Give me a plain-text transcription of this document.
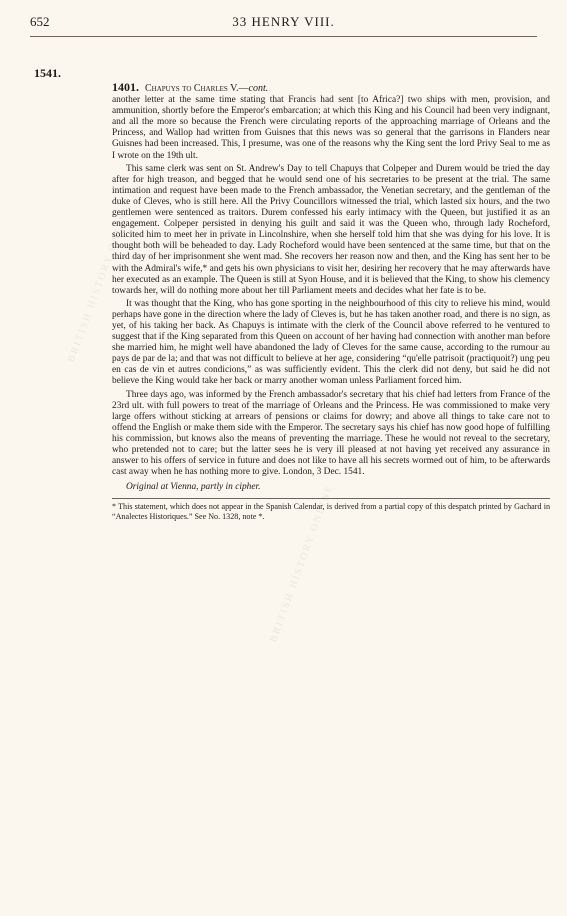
BRITISH HISTORY ONLINE
BRITISH HISTORY ONLINE
652	33 HENRY VIII.
1541.
1401. Chapuys to Charles V.—cont.

another letter at the same time stating that Francis had sent [to Africa?] two ships with men, provision, and ammunition, shortly before the Emperor's embarcation; at which this King and his Council had been very indignant, and all the more so because the French were circulating reports of the approaching marriage of Orleans and the Princess, and Wallop had written from Guisnes that this news was so general that the garrisons in Flanders near Guisnes had been increased. This, I presume, was one of the reasons why the King sent the lord Privy Seal to me as I wrote on the 19th ult.

This same clerk was sent on St. Andrew's Day to tell Chapuys that Colpeper and Durem would be tried the day after for high treason, and begged that he would send one of his secretaries to be present at the trial. The same intimation and request have been made to the French ambassador, the Venetian secretary, and the gentleman of the duke of Cleves, who is still here. All the Privy Councillors witnessed the trial, which lasted six hours, and the two gentlemen were sentenced as traitors. Durem confessed his early intimacy with the Queen, but justified it as an engagement. Colpeper persisted in denying his guilt and said it was the Queen who, through lady Rocheford, solicited him to meet her in private in Lincolnshire, when she herself told him that she was dying for his love. It is thought both will be beheaded to day. Lady Rocheford would have been sentenced at the same time, but that on the third day of her imprisonment she went mad. She recovers her reason now and then, and the King has sent her to be with the Admiral's wife,* and gets his own physicians to visit her, desiring her recovery that he may afterwards have her executed as an example. The Queen is still at Syon House, and it is believed that the King, to show his clemency towards her, will do nothing more about her till Parliament meets and decides what her fate is to be.

It was thought that the King, who has gone sporting in the neighbourhood of this city to relieve his mind, would perhaps have gone in the direction where the lady of Cleves is, but he has taken another road, and there is no sign, as yet, of his taking her back. As Chapuys is intimate with the clerk of the Council above referred to he ventured to suggest that if the King separated from this Queen on account of her having had connection with another man before she married him, he might well have abandoned the lady of Cleves for the same cause, according to the rumour au pays de par de la; and that was not difficult to believe at her age, considering “qu'elle patrisoit (practiquoit?) ung peu en cas de vin et autres condicions,” as was sufficiently evident. This the clerk did not deny, but said he did not believe the King would take her back or marry another woman unless Parliament forced him.

Three days ago, was informed by the French ambassador's secretary that his chief had letters from France of the 23rd ult. with full powers to treat of the marriage of Orleans and the Princess. He was commissioned to make very large offers without sticking at arrears of pensions or claims for dowry; and above all things to take care not to offend the English or make them side with the Emperor. The secretary says his chief has now good hope of fulfilling his commission, but knows also the means of preventing the marriage. These he would not reveal to the secretary, who pretended not to care; but the latter sees he is very ill pleased at not having yet received any assurance in answer to his offers of service in future and does not like to have all his secrets wormed out of him, to be afterwards cast away when he has nothing more to give. London, 3 Dec. 1541.

Original at Vienna, partly in cipher.
* This statement, which does not appear in the Spanish Calendar, is derived from a partial copy of this despatch printed by Gachard in “Analectes Historiques.” See No. 1328, note *.
